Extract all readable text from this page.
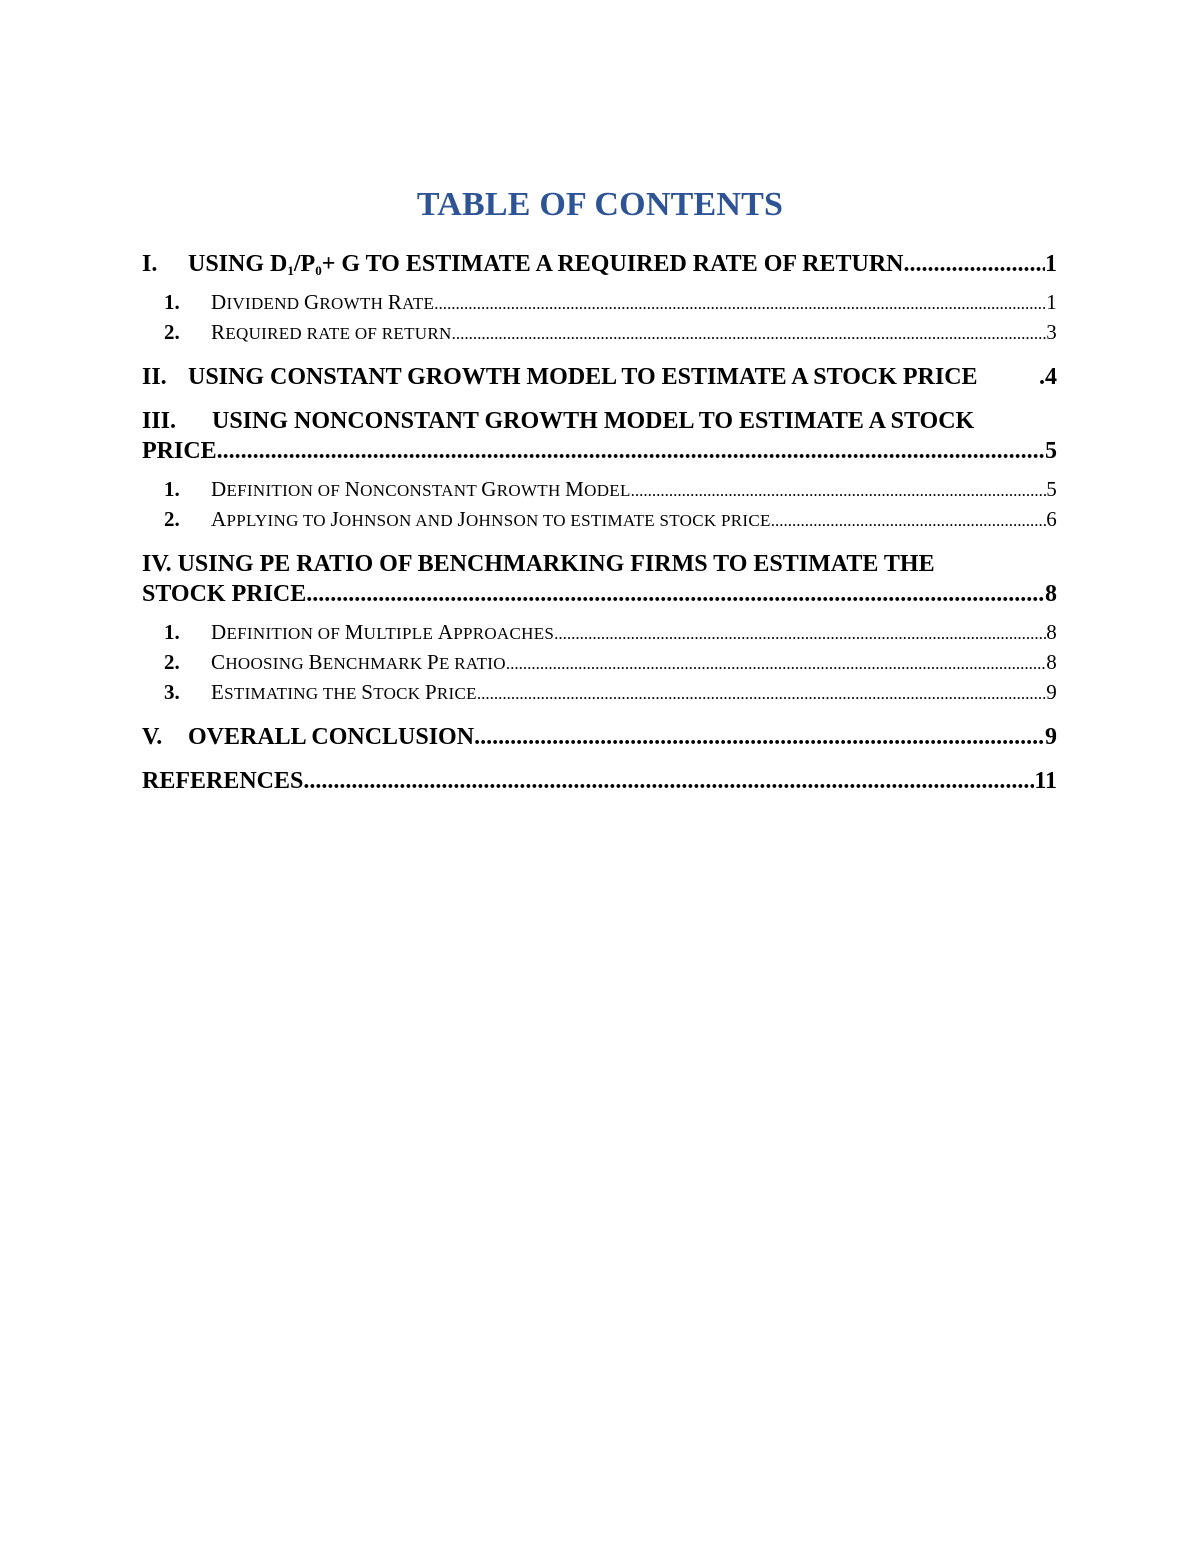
TABLE OF CONTENTS
I. USING $D_1/P_0+ G$ TO ESTIMATE A REQUIRED RATE OF RETURN .....	1
1. DIVIDEND GROWTH RATE .....	1
2. REQUIRED RATE OF RETURN .....	3
II. USING CONSTANT GROWTH MODEL TO ESTIMATE A STOCK PRICE	.4
III. USING NONCONSTANT GROWTH MODEL TO ESTIMATE A STOCK
PRICE .....	5
1. DEFINITION OF NONCONSTANT GROWTH MODEL .....	5
2. APPLYING TO JOHNSON AND JOHNSON TO ESTIMATE STOCK PRICE .....	6
IV. USING PE RATIO OF BENCHMARKING FIRMS TO ESTIMATE THE
STOCK PRICE .....	8
1. DEFINITION OF MULTIPLE APPROACHES .....	8
2. CHOOSING BENCHMARK PE RATIO .....	8
3. ESTIMATING THE STOCK PRICE .....	9
V. OVERALL CONCLUSION .....	9
REFERENCES .....	11
